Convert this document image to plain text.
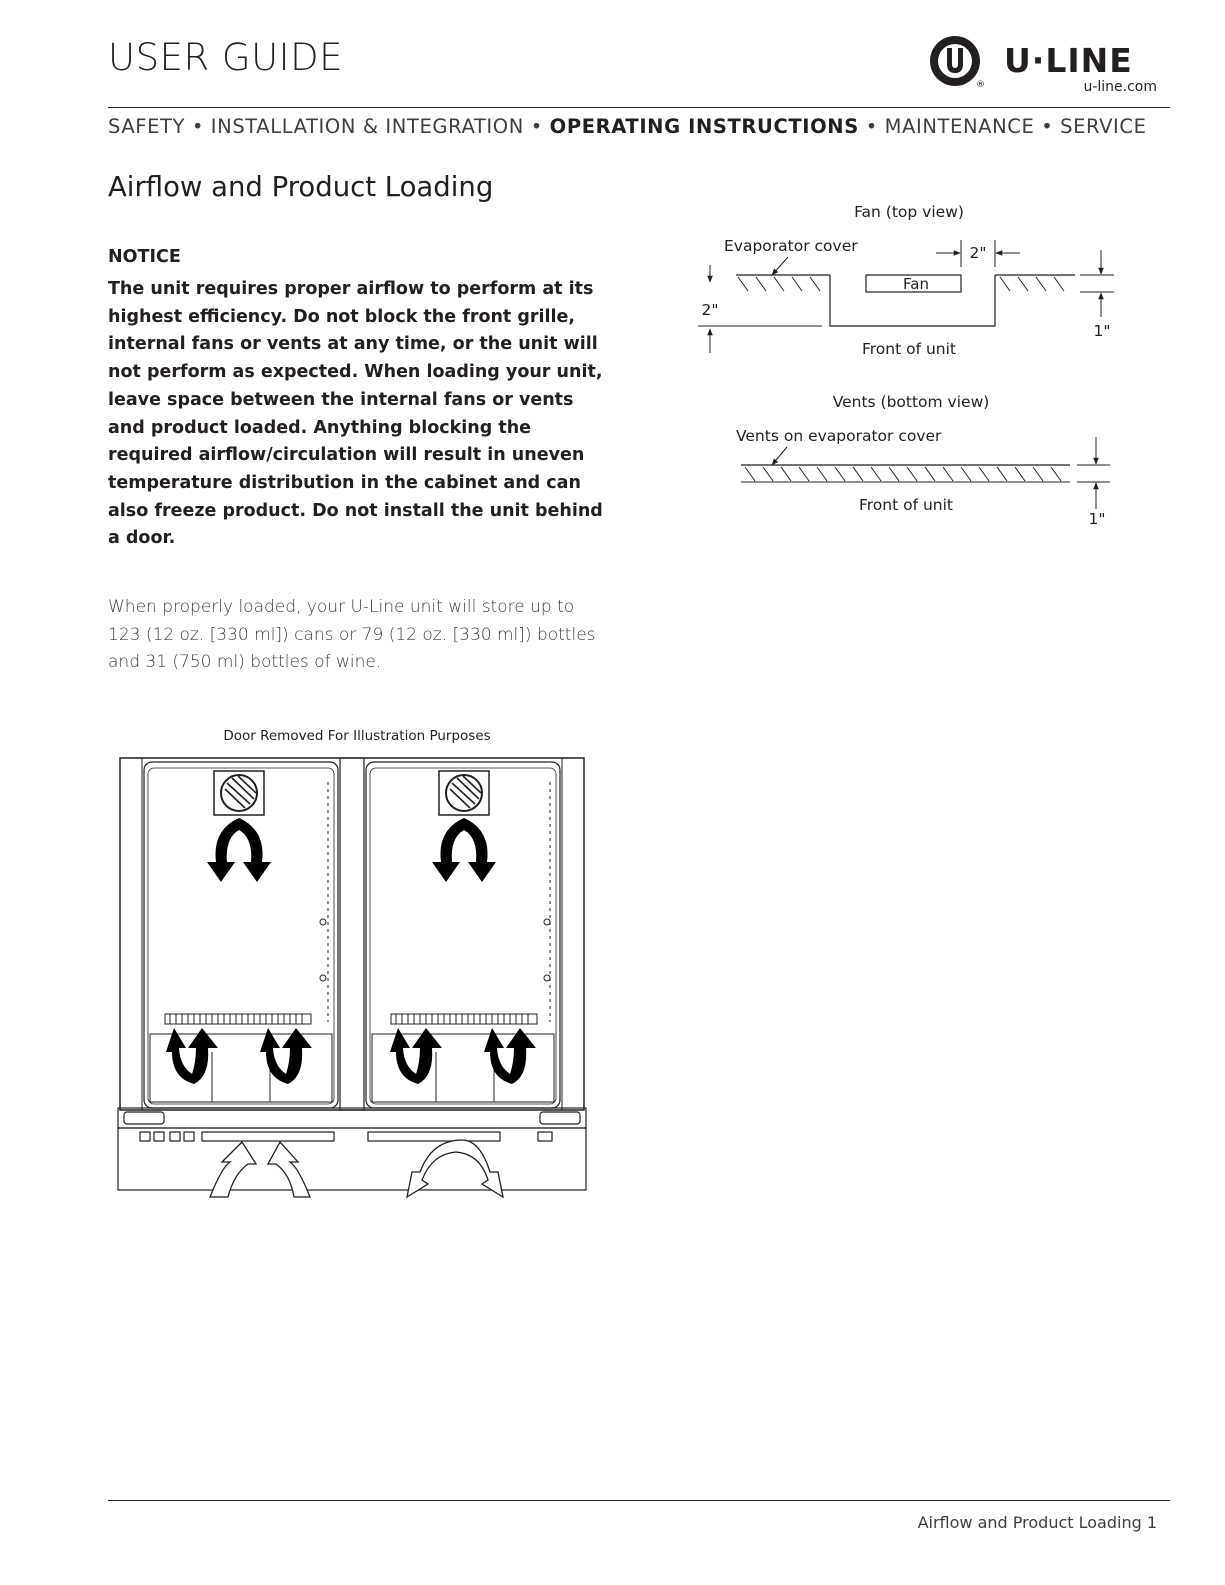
USER GUIDE
®
U·LINE
u-line.com
SAFETY • INSTALLATION & INTEGRATION • OPERATING INSTRUCTIONS • MAINTENANCE • SERVICE
Airflow and Product Loading
NOTICE
The unit requires proper airflow to perform at its highest efficiency. Do not block the front grille, internal fans or vents at any time, or the unit will not perform as expected. When loading your unit, leave space between the internal fans or vents and product loaded. Anything blocking the required airflow/circulation will result in uneven temperature distribution in the cabinet and can also freeze product. Do not install the unit behind a door.
When properly loaded, your U-Line unit will store up to 123 (12 oz. [330 ml]) cans or 79 (12 oz. [330 ml]) bottles and 31 (750 ml) bottles of wine.
Fan (top view)
Evaporator cover
Fan
2"
2"
1"
Front of unit
Vents (bottom view)
Vents on evaporator cover
1"
Front of unit
Door Removed For Illustration Purposes
Airflow and Product Loading 1
